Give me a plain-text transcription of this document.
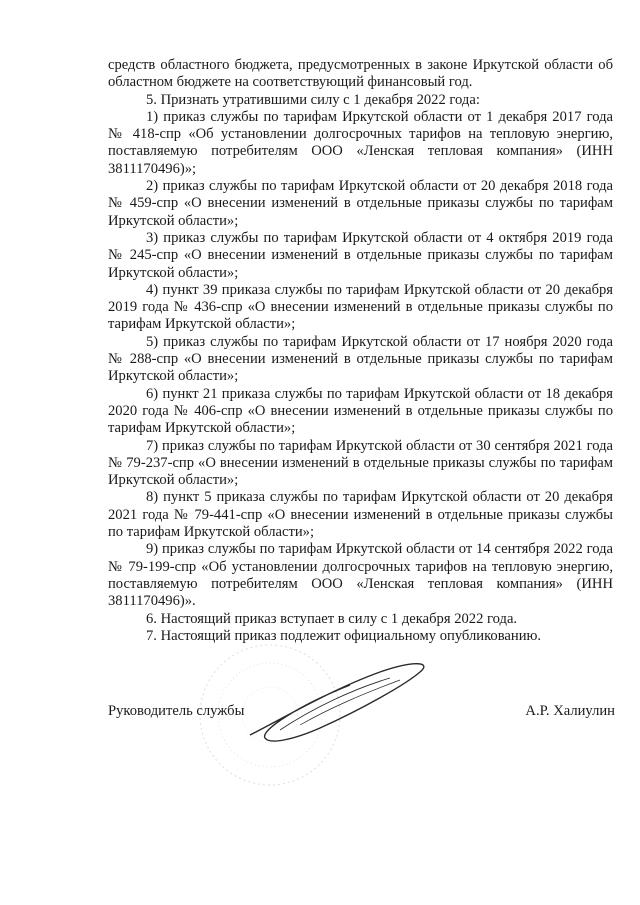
средств областного бюджета, предусмотренных в законе Иркутской области об областном бюджете на соответствующий финансовый год.

5. Признать утратившими силу с 1 декабря 2022 года:

1) приказ службы по тарифам Иркутской области от 1 декабря 2017 года № 418-спр «Об установлении долгосрочных тарифов на тепловую энергию, поставляемую потребителям ООО «Ленская тепловая компания» (ИНН 3811170496)»;

2) приказ службы по тарифам Иркутской области от 20 декабря 2018 года № 459-спр «О внесении изменений в отдельные приказы службы по тарифам Иркутской области»;

3) приказ службы по тарифам Иркутской области от 4 октября 2019 года № 245-спр «О внесении изменений в отдельные приказы службы по тарифам Иркутской области»;

4) пункт 39 приказа службы по тарифам Иркутской области от 20 декабря 2019 года № 436-спр «О внесении изменений в отдельные приказы службы по тарифам Иркутской области»;

5) приказ службы по тарифам Иркутской области от 17 ноября 2020 года № 288-спр «О внесении изменений в отдельные приказы службы по тарифам Иркутской области»;

6) пункт 21 приказа службы по тарифам Иркутской области от 18 декабря 2020 года № 406-спр «О внесении изменений в отдельные приказы службы по тарифам Иркутской области»;

7) приказ службы по тарифам Иркутской области от 30 сентября 2021 года № 79-237-спр «О внесении изменений в отдельные приказы службы по тарифам Иркутской области»;

8) пункт 5 приказа службы по тарифам Иркутской области от 20 декабря 2021 года № 79-441-спр «О внесении изменений в отдельные приказы службы по тарифам Иркутской области»;

9) приказ службы по тарифам Иркутской области от 14 сентября 2022 года № 79-199-спр «Об установлении долгосрочных тарифов на тепловую энергию, поставляемую потребителям ООО «Ленская тепловая компания» (ИНН 3811170496)».

6. Настоящий приказ вступает в силу с 1 декабря 2022 года.

7. Настоящий приказ подлежит официальному опубликованию.

Руководитель службы	А.Р. Халиулин
